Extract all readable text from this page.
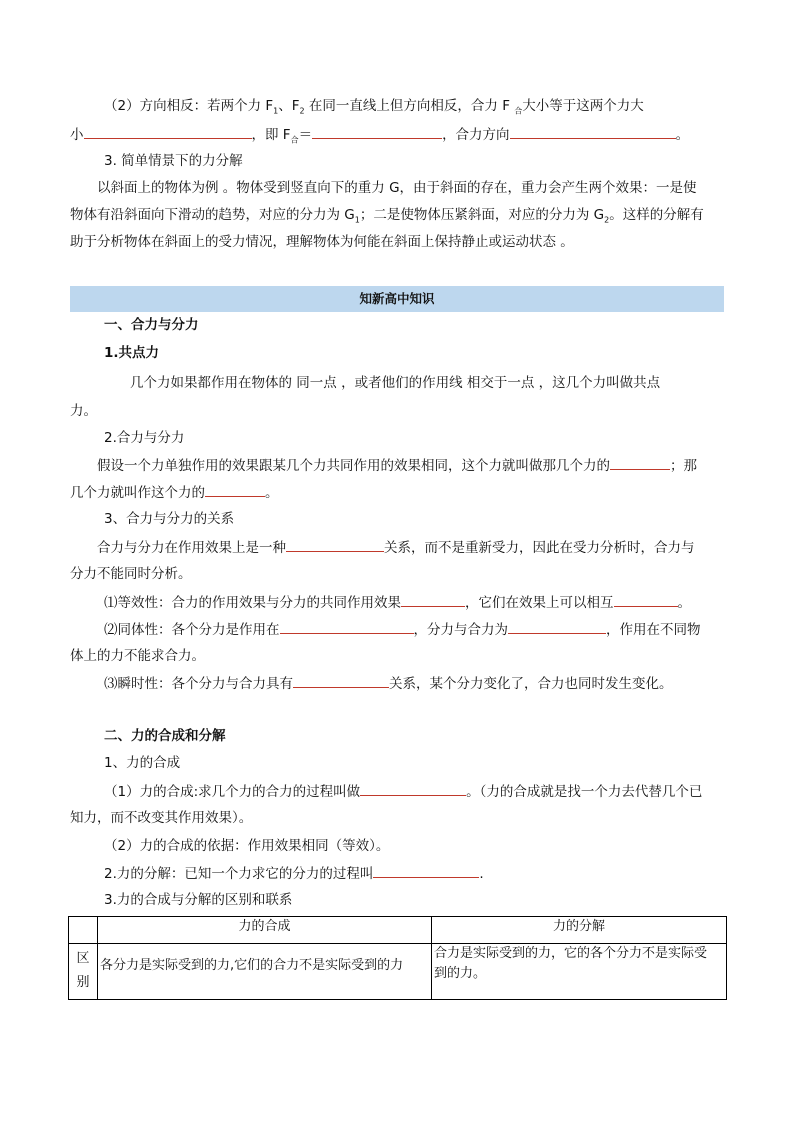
（2）方向相反：若两个力 $F_1$、$F_2$ 在同一直线上但方向相反，合力 F $_合$大小等于这两个力大
小	，即 $F_合=$	，合力方向	。
3. 简单情景下的力分解
以斜面上的物体为例 。物体受到竖直向下的重力 G，由于斜面的存在，重力会产生两个效果：一是使
物体有沿斜面向下滑动的趋势，对应的分力为 $G_1$；二是使物体压紧斜面，对应的分力为 $G_2$。这样的分解有
助于分析物体在斜面上的受力情况，理解物体为何能在斜面上保持静止或运动状态 。
知新高中知识
一、合力与分力
1.共点力
几个力如果都作用在物体的 同一点 ，或者他们的作用线 相交于一点 ，这几个力叫做共点
力。
2.合力与分力
假设一个力单独作用的效果跟某几个力共同作用的效果相同，这个力就叫做那几个力的	；那
几个力就叫作这个力的	。
3、合力与分力的关系
合力与分力在作用效果上是一种	关系，而不是重新受力，因此在受力分析时，合力与
分力不能同时分析。
⑴等效性：合力的作用效果与分力的共同作用效果	，它们在效果上可以相互	。
⑵同体性：各个分力是作用在	，分力与合力为	，作用在不同物
体上的力不能求合力。
⑶瞬时性：各个分力与合力具有	关系，某个分力变化了，合力也同时发生变化。
二、力的合成和分解
1、力的合成
（1）力的合成:求几个力的合力的过程叫做	。（力的合成就是找一个力去代替几个已
知力，而不改变其作用效果）。
（2）力的合成的依据：作用效果相同（等效）。
2.力的分解：已知一个力求它的分力的过程叫	.
3.力的合成与分解的区别和联系
	力的合成	力的分解
区
别	各分力是实际受到的力,它们的合力不是实际受到的力	合力是实际受到的力，它的各个分力不是实际受
到的力。
